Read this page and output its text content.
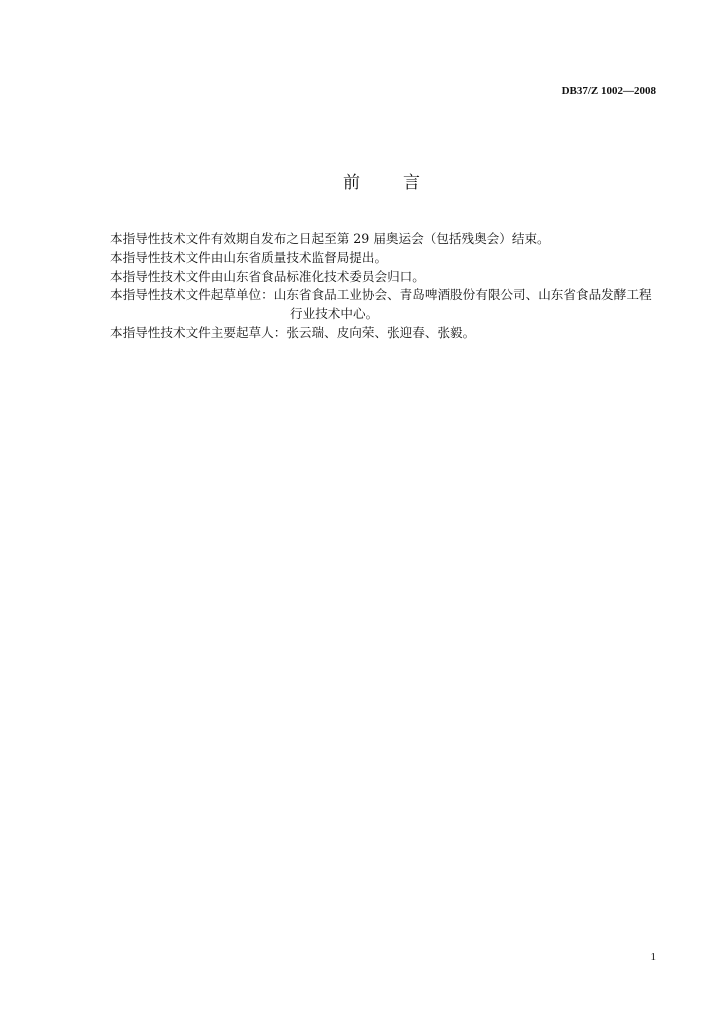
DB37/Z 1002—2008
前　　言
本指导性技术文件有效期自发布之日起至第 29 届奥运会（包括残奥会）结束。
本指导性技术文件由山东省质量技术监督局提出。
本指导性技术文件由山东省食品标准化技术委员会归口。
本指导性技术文件起草单位：山东省食品工业协会、青岛啤酒股份有限公司、山东省食品发酵工程
行业技术中心。
本指导性技术文件主要起草人：张云瑞、皮向荣、张迎春、张毅。
1
